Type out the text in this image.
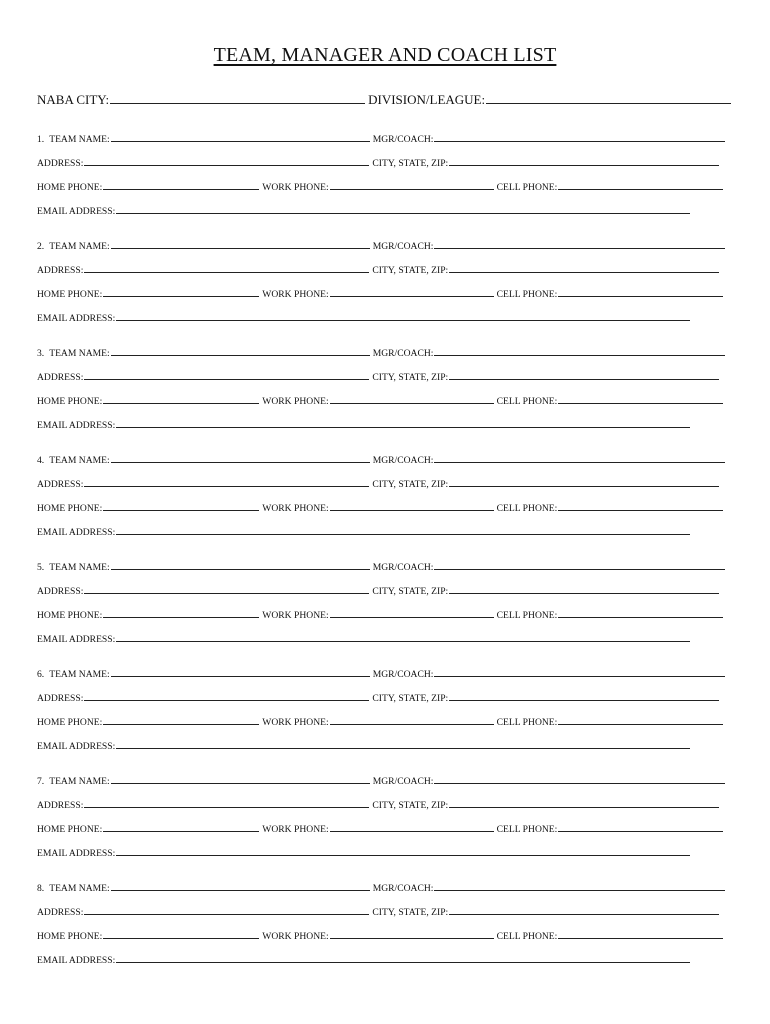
TEAM, MANAGER AND COACH LIST
NABA CITY:	DIVISION/LEAGUE:
1. TEAM NAME:	MGR/COACH:
ADDRESS:	CITY, STATE, ZIP:
HOME PHONE:	WORK PHONE:	CELL PHONE:
EMAIL ADDRESS:
2. TEAM NAME:	MGR/COACH:
ADDRESS:	CITY, STATE, ZIP:
HOME PHONE:	WORK PHONE:	CELL PHONE:
EMAIL ADDRESS:
3. TEAM NAME:	MGR/COACH:
ADDRESS:	CITY, STATE, ZIP:
HOME PHONE:	WORK PHONE:	CELL PHONE:
EMAIL ADDRESS:
4. TEAM NAME:	MGR/COACH:
ADDRESS:	CITY, STATE, ZIP:
HOME PHONE:	WORK PHONE:	CELL PHONE:
EMAIL ADDRESS:
5. TEAM NAME:	MGR/COACH:
ADDRESS:	CITY, STATE, ZIP:
HOME PHONE:	WORK PHONE:	CELL PHONE:
EMAIL ADDRESS:
6. TEAM NAME:	MGR/COACH:
ADDRESS:	CITY, STATE, ZIP:
HOME PHONE:	WORK PHONE:	CELL PHONE:
EMAIL ADDRESS:
7. TEAM NAME:	MGR/COACH:
ADDRESS:	CITY, STATE, ZIP:
HOME PHONE:	WORK PHONE:	CELL PHONE:
EMAIL ADDRESS:
8. TEAM NAME:	MGR/COACH:
ADDRESS:	CITY, STATE, ZIP:
HOME PHONE:	WORK PHONE:	CELL PHONE:
EMAIL ADDRESS:
